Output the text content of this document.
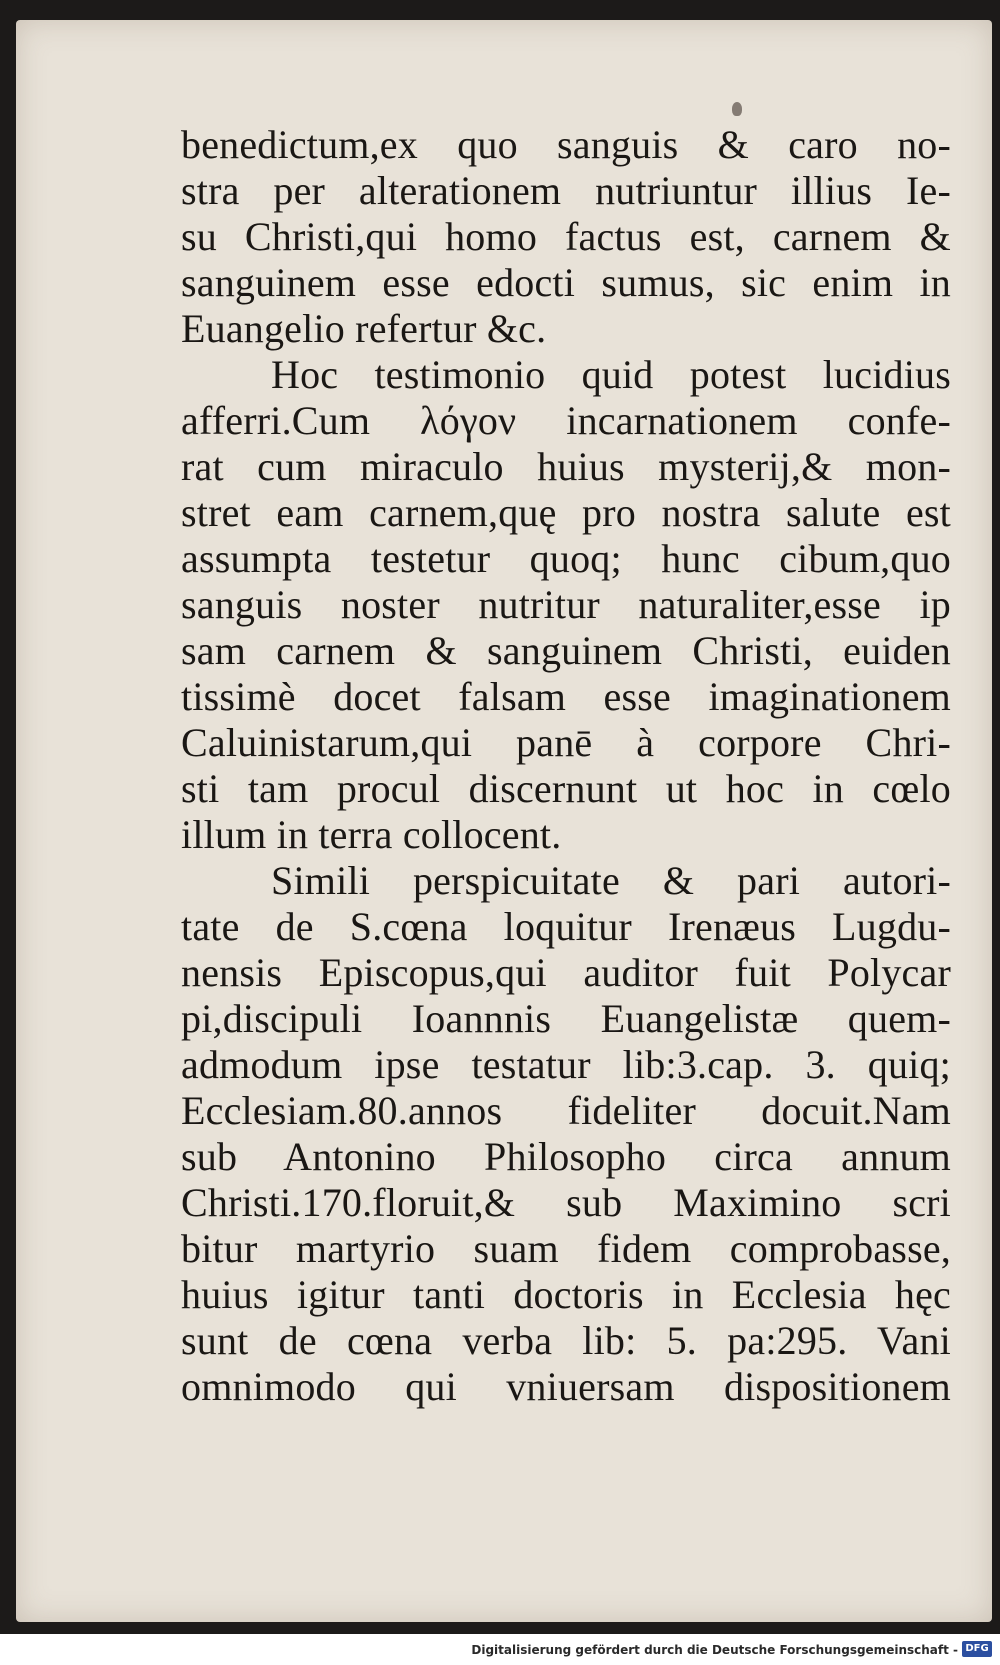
benedictum,ex quo sanguis & caro no-
stra per alterationem nutriuntur illius Ie-
su Christi,qui homo factus est, carnem &
sanguinem esse edocti sumus, sic enim in
Euangelio refertur &c.
Hoc testimonio quid potest lucidius
afferri.Cum λόγον incarnationem confe-
rat cum miraculo huius mysterij,& mon-
stret eam carnem,quę pro nostra salute est
assumpta testetur quoq; hunc cibum,quo
sanguis noster nutritur naturaliter,esse ip
sam carnem & sanguinem Christi, euiden
tissimè docet falsam esse imaginationem
Caluinistarum,qui panē à corpore Chri-
sti tam procul discernunt ut hoc in cœlo
illum in terra collocent.
Simili perspicuitate & pari autori-
tate de S.cœna loquitur Irenæus Lugdu-
nensis Episcopus,qui auditor fuit Polycar
pi,discipuli Ioannnis Euangelistæ quem-
admodum ipse testatur lib:3.cap. 3. quiq;
Ecclesiam.80.annos fideliter docuit.Nam
sub Antonino Philosopho circa annum
Christi.170.floruit,& sub Maximino scri
bitur martyrio suam fidem comprobasse,
huius igitur tanti doctoris in Ecclesia hęc
sunt de cœna verba lib: 5. pa:295. Vani
omnimodo qui vniuersam dispositionem
Digitalisierung gefördert durch die Deutsche Forschungsgemeinschaft - DFG
